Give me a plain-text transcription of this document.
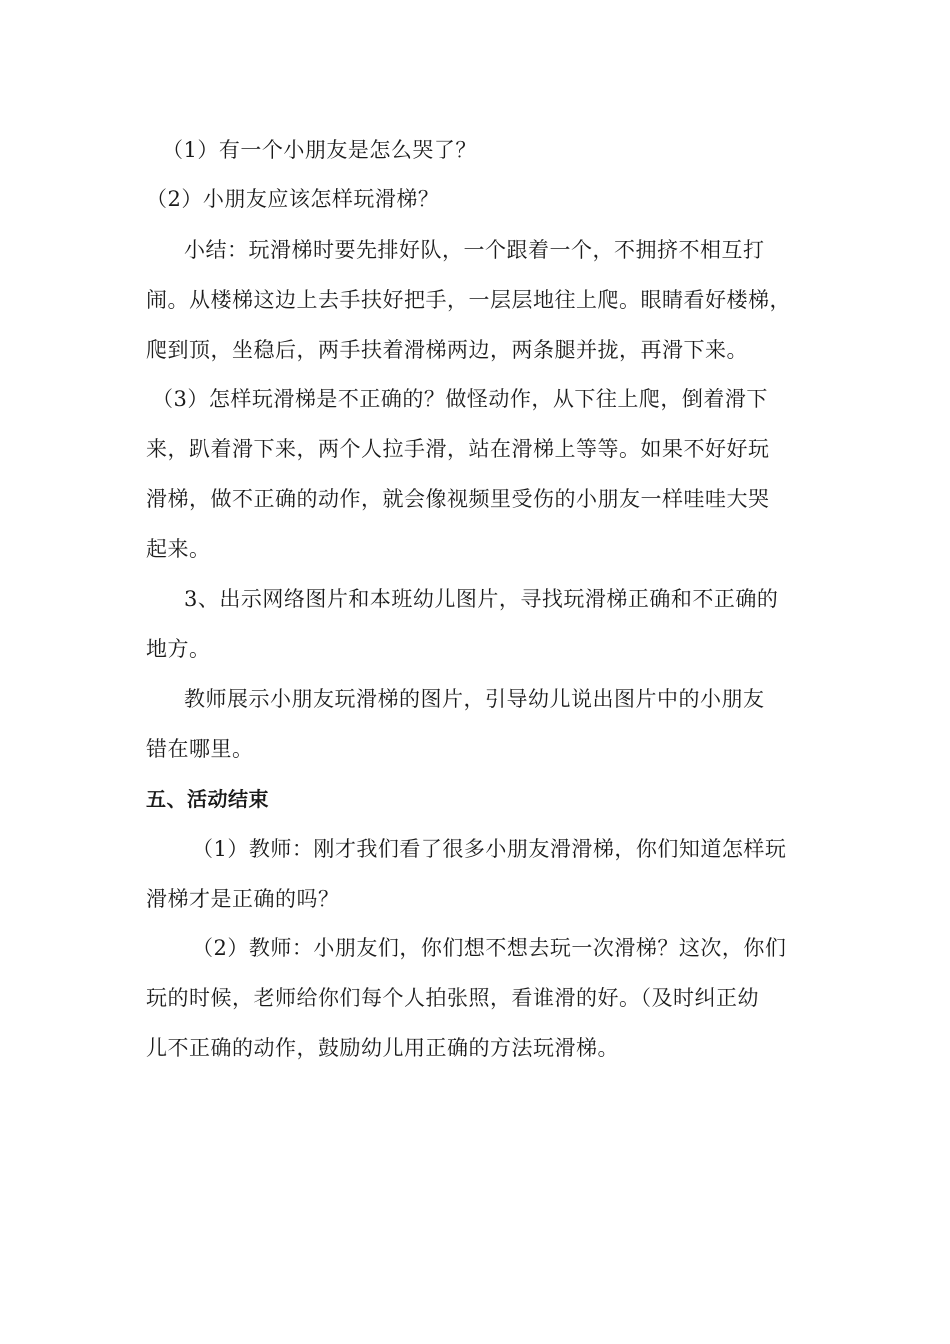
（1）有一个小朋友是怎么哭了？
（2）小朋友应该怎样玩滑梯？
小结：玩滑梯时要先排好队，一个跟着一个，不拥挤不相互打
闹。从楼梯这边上去手扶好把手，一层层地往上爬。眼睛看好楼梯，
爬到顶，坐稳后，两手扶着滑梯两边，两条腿并拢，再滑下来。
（3）怎样玩滑梯是不正确的？做怪动作，从下往上爬，倒着滑下
来，趴着滑下来，两个人拉手滑，站在滑梯上等等。如果不好好玩
滑梯，做不正确的动作，就会像视频里受伤的小朋友一样哇哇大哭
起来。
3、出示网络图片和本班幼儿图片，寻找玩滑梯正确和不正确的
地方。
教师展示小朋友玩滑梯的图片，引导幼儿说出图片中的小朋友
错在哪里。
五、活动结束
（1）教师：刚才我们看了很多小朋友滑滑梯，你们知道怎样玩
滑梯才是正确的吗？
（2）教师：小朋友们，你们想不想去玩一次滑梯？这次，你们
玩的时候，老师给你们每个人拍张照，看谁滑的好。（及时纠正幼
儿不正确的动作，鼓励幼儿用正确的方法玩滑梯。
